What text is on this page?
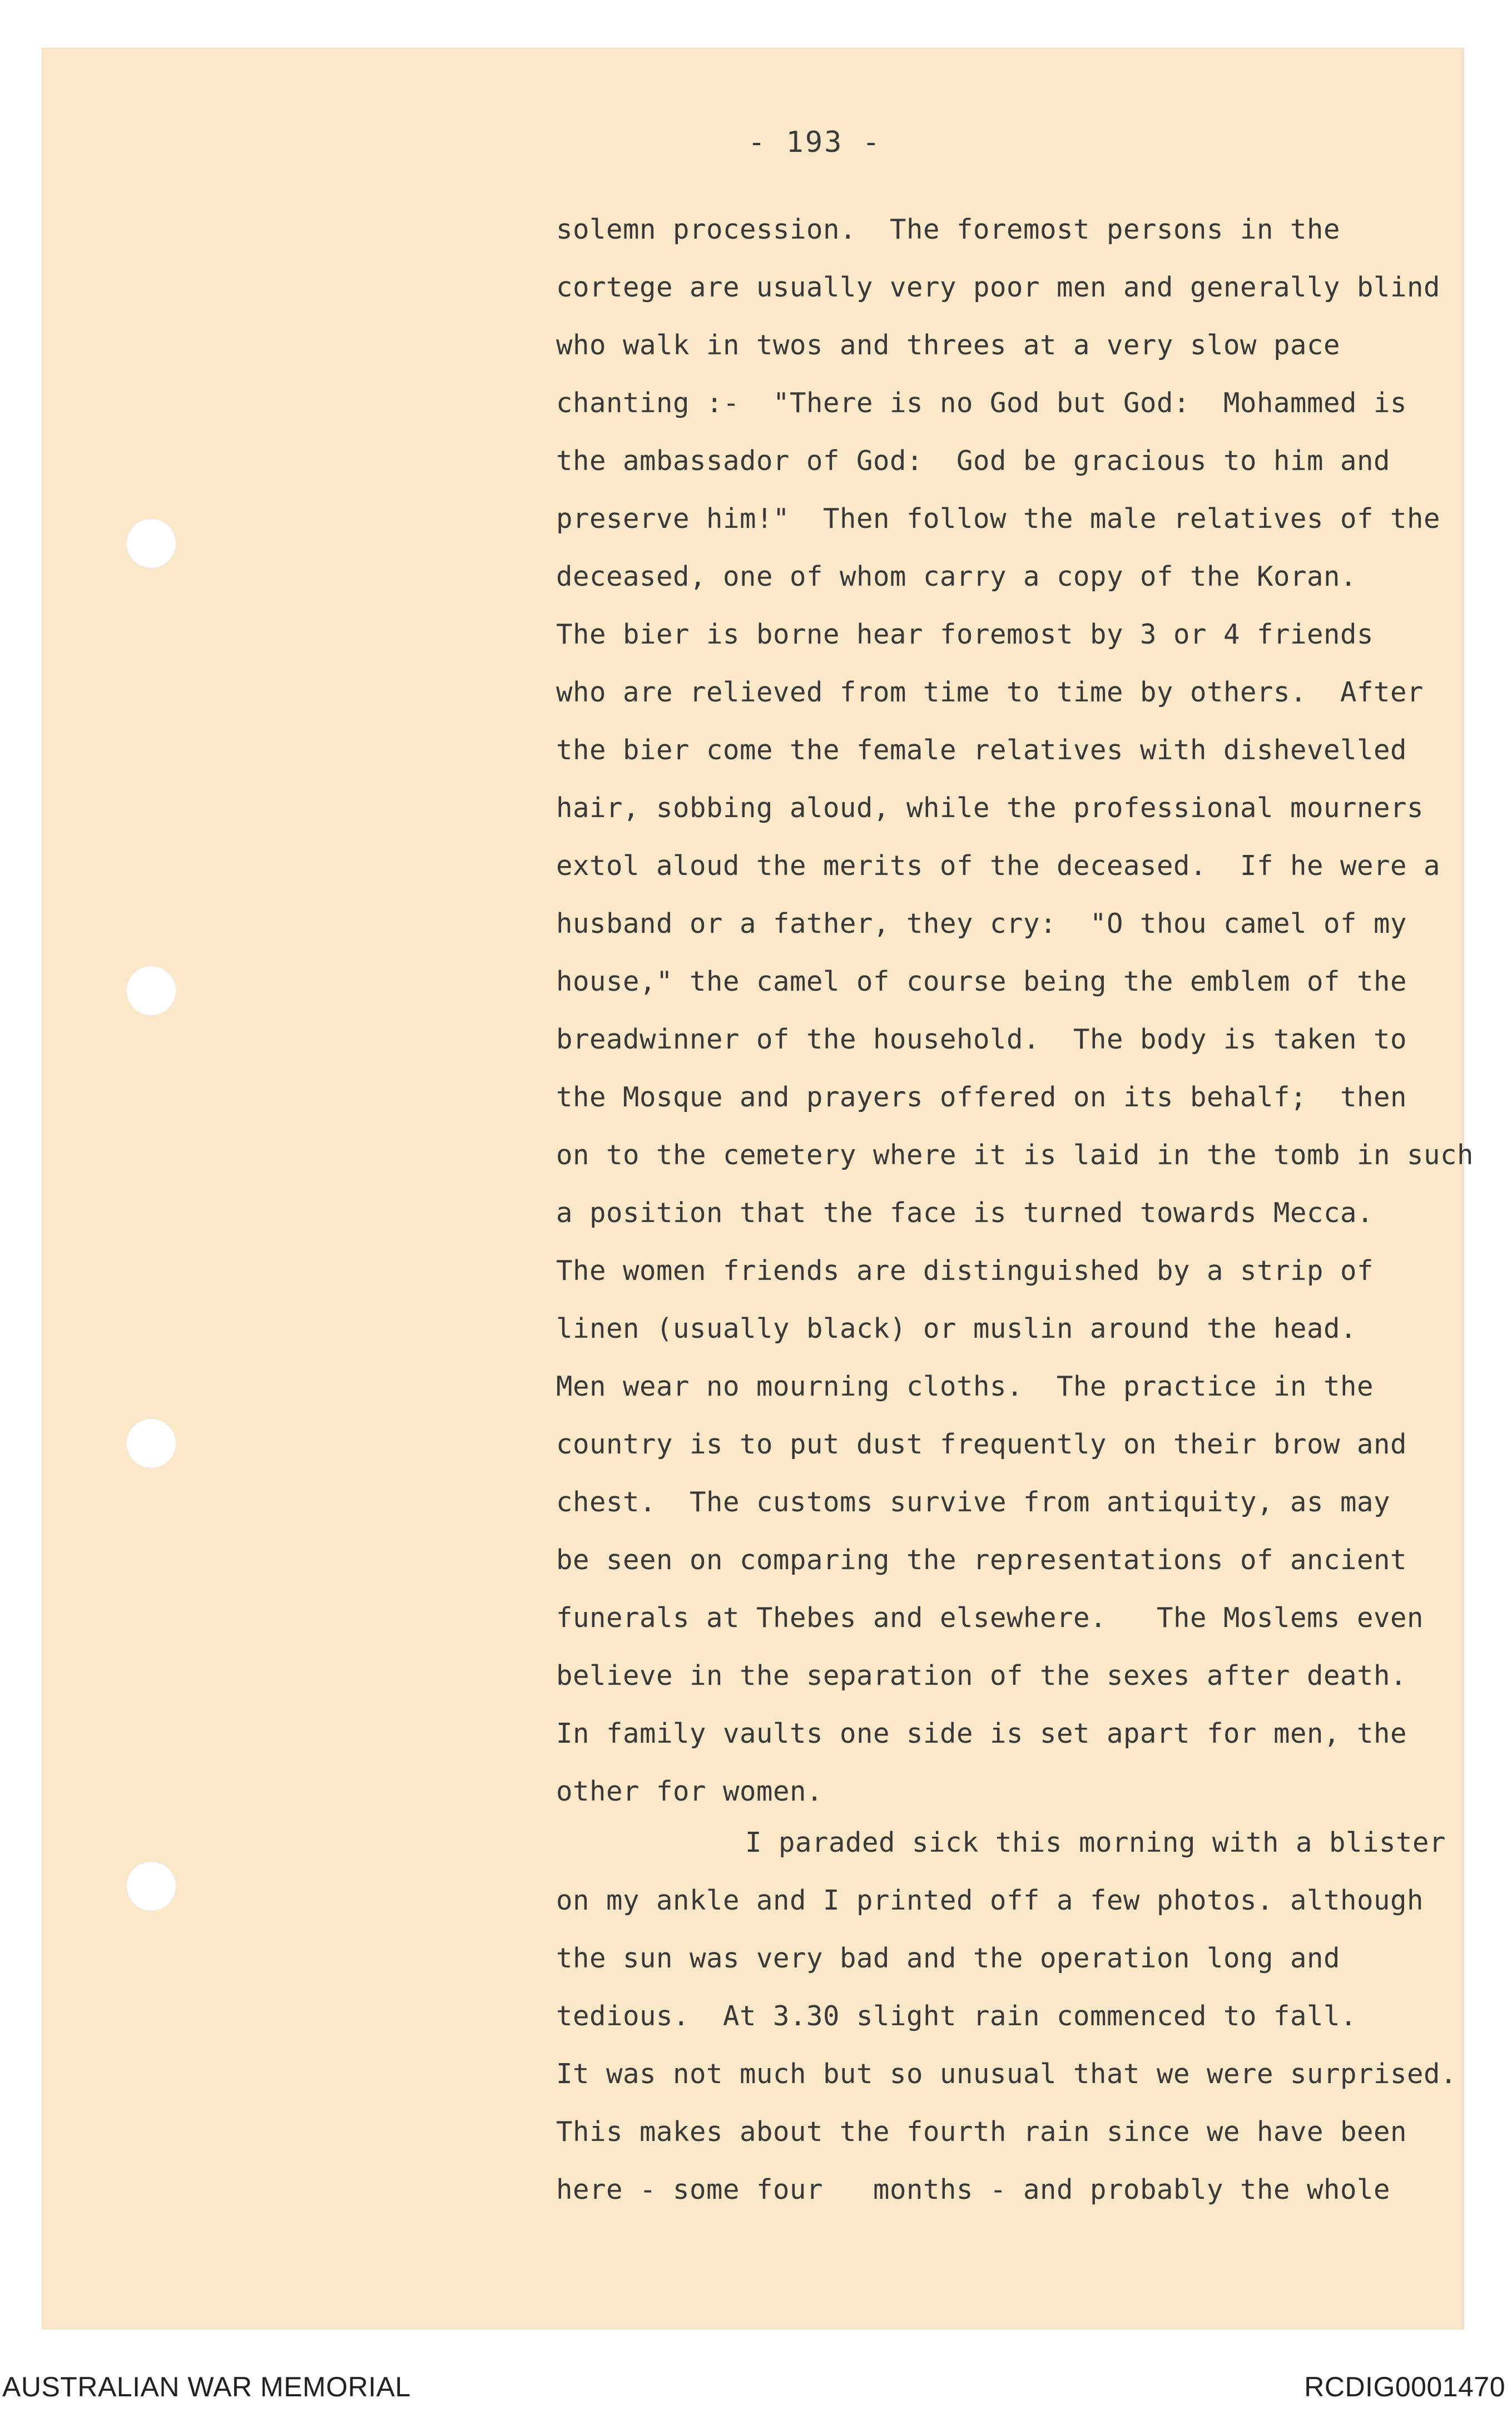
- 193 -
solemn procession.  The foremost persons in the
cortege are usually very poor men and generally blind
who walk in twos and threes at a very slow pace
chanting :-  "There is no God but God:  Mohammed is
the ambassador of God:  God be gracious to him and
preserve him!"  Then follow the male relatives of the
deceased, one of whom carry a copy of the Koran.
The bier is borne hear foremost by 3 or 4 friends
who are relieved from time to time by others.  After
the bier come the female relatives with dishevelled
hair, sobbing aloud, while the professional mourners
extol aloud the merits of the deceased.  If he were a
husband or a father, they cry:  "O thou camel of my
house," the camel of course being the emblem of the
breadwinner of the household.  The body is taken to
the Mosque and prayers offered on its behalf;  then
on to the cemetery where it is laid in the tomb in such
a position that the face is turned towards Mecca.
The women friends are distinguished by a strip of
linen (usually black) or muslin around the head.
Men wear no mourning cloths.  The practice in the
country is to put dust frequently on their brow and
chest.  The customs survive from antiquity, as may
be seen on comparing the representations of ancient
funerals at Thebes and elsewhere.   The Moslems even
believe in the separation of the sexes after death.
In family vaults one side is set apart for men, the
other for women.
I paraded sick this morning with a blister
on my ankle and I printed off a few photos. although
the sun was very bad and the operation long and
tedious.  At 3.30 slight rain commenced to fall.
It was not much but so unusual that we were surprised.
This makes about the fourth rain since we have been
here - some four   months - and probably the whole
AUSTRALIAN WAR MEMORIAL	RCDIG0001470
